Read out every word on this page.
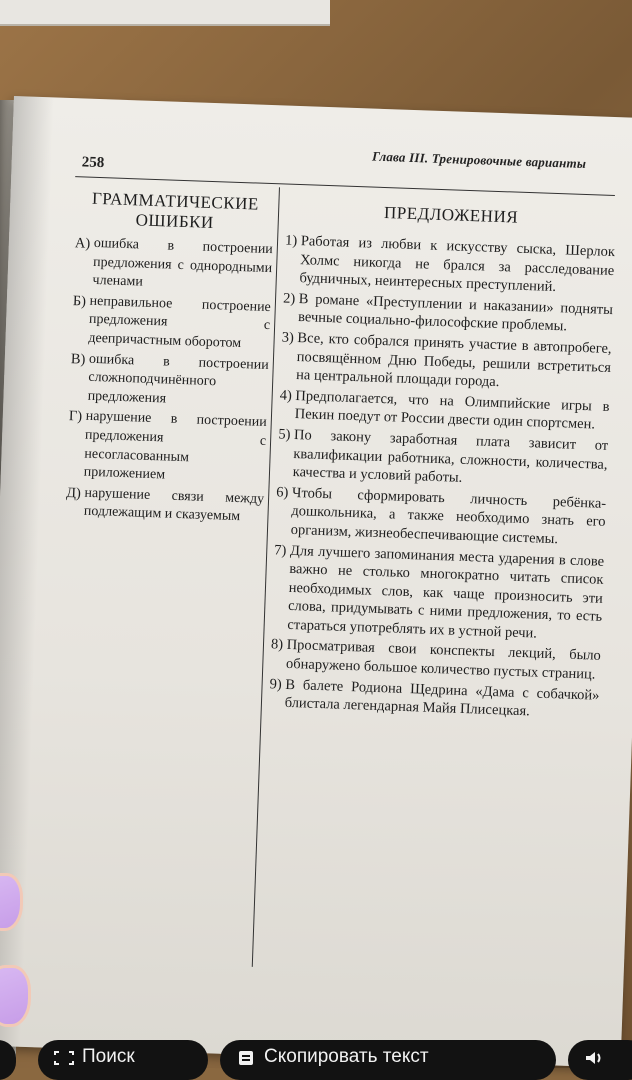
258	Глава III. Тренировочные варианты
ГРАММАТИЧЕСКИЕ
ОШИБКИ
А) ошибка в построении предложения с однородными членами
Б) неправильное построение предложения с деепричастным оборотом
В) ошибка в построении сложноподчинённого предложения
Г) нарушение в построении предложения с несогласованным приложением
Д) нарушение связи между подлежащим и сказуемым
ПРЕДЛОЖЕНИЯ
1) Работая из любви к искусству сыска, Шерлок Холмс никогда не брался за расследование будничных, неинтересных преступлений.
2) В романе «Преступлении и наказании» подняты вечные социально-философские проблемы.
3) Все, кто собрался принять участие в автопробеге, посвящённом Дню Победы, решили встретиться на центральной площади города.
4) Предполагается, что на Олимпийские игры в Пекин поедут от России двести один спортсмен.
5) По закону заработная плата зависит от квалификации работника, сложности, количества, качества и условий работы.
6) Чтобы сформировать личность ребёнка-дошкольника, а также необходимо знать его организм, жизнеобеспечивающие системы.
7) Для лучшего запоминания места ударения в слове важно не столько многократно читать список необходимых слов, как чаще произносить эти слова, придумывать с ними предложения, то есть стараться употреблять их в устной речи.
8) Просматривая свои конспекты лекций, было обнаружено большое количество пустых страниц.
9) В балете Родиона Щедрина «Дама с собачкой» блистала легендарная Майя Плисецкая.
Поиск	Скопировать текст
